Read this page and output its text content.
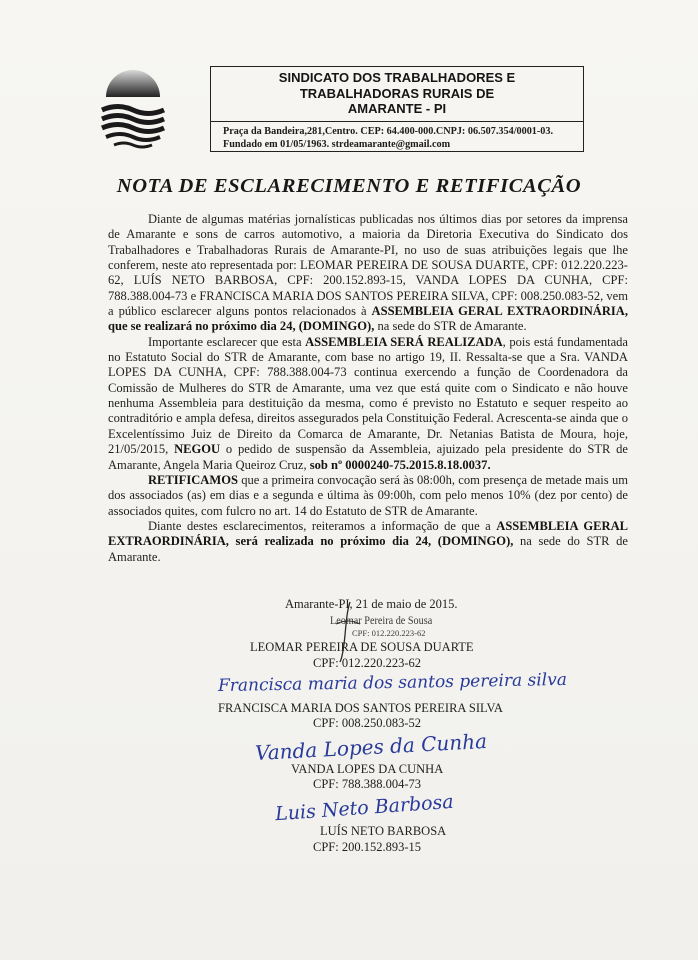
SINDICATO DOS TRABALHADORES E
TRABALHADORAS RURAIS DE
AMARANTE - PI
Praça da Bandeira,281,Centro. CEP: 64.400-000.CNPJ: 06.507.354/0001-03.
Fundado em 01/05/1963. strdeamarante@gmail.com
NOTA DE ESCLARECIMENTO E RETIFICAÇÃO

Diante de algumas matérias jornalísticas publicadas nos últimos dias por setores da imprensa de Amarante e sons de carros automotivo, a maioria da Diretoria Executiva do Sindicato dos Trabalhadores e Trabalhadoras Rurais de Amarante-PI, no uso de suas atribuições legais que lhe conferem, neste ato representada por: LEOMAR PEREIRA DE SOUSA DUARTE, CPF: 012.220.223-62, LUÍS NETO BARBOSA, CPF: 200.152.893-15, VANDA LOPES DA CUNHA, CPF: 788.388.004-73 e FRANCISCA MARIA DOS SANTOS PEREIRA SILVA, CPF: 008.250.083-52, vem a público esclarecer alguns pontos relacionados à ASSEMBLEIA GERAL EXTRAORDINÁRIA, que se realizará no próximo dia 24, (DOMINGO), na sede do STR de Amarante.

Importante esclarecer que esta ASSEMBLEIA SERÁ REALIZADA, pois está fundamentada no Estatuto Social do STR de Amarante, com base no artigo 19, II. Ressalta-se que a Sra. VANDA LOPES DA CUNHA, CPF: 788.388.004-73 continua exercendo a função de Coordenadora da Comissão de Mulheres do STR de Amarante, uma vez que está quite com o Sindicato e não houve nenhuma Assembleia para destituição da mesma, como é previsto no Estatuto e sequer respeito ao contraditório e ampla defesa, direitos assegurados pela Constituição Federal. Acrescenta-se ainda que o Excelentíssimo Juiz de Direito da Comarca de Amarante, Dr. Netanias Batista de Moura, hoje, 21/05/2015, NEGOU o pedido de suspensão da Assembleia, ajuizado pela presidente do STR de Amarante, Angela Maria Queiroz Cruz, sob nº 0000240-75.2015.8.18.0037.

RETIFICAMOS que a primeira convocação será às 08:00h, com presença de metade mais um dos associados (as) em dias e a segunda e última às 09:00h, com pelo menos 10% (dez por cento) de associados quites, com fulcro no art. 14 do Estatuto de STR de Amarante.

Diante destes esclarecimentos, reiteramos a informação de que a ASSEMBLEIA GERAL EXTRAORDINÁRIA, será realizada no próximo dia 24, (DOMINGO), na sede do STR de Amarante.

Amarante-PI, 21 de maio de 2015.
Leomar Pereira de Sousa
CPF: 012.220.223-62
LEOMAR PEREIRA DE SOUSA DUARTE
CPF: 012.220.223-62
Francisca maria dos santos pereira silva
FRANCISCA MARIA DOS SANTOS PEREIRA SILVA
CPF: 008.250.083-52
Vanda Lopes da Cunha
VANDA LOPES DA CUNHA
CPF: 788.388.004-73
Luis Neto Barbosa
LUÍS NETO BARBOSA
CPF: 200.152.893-15
